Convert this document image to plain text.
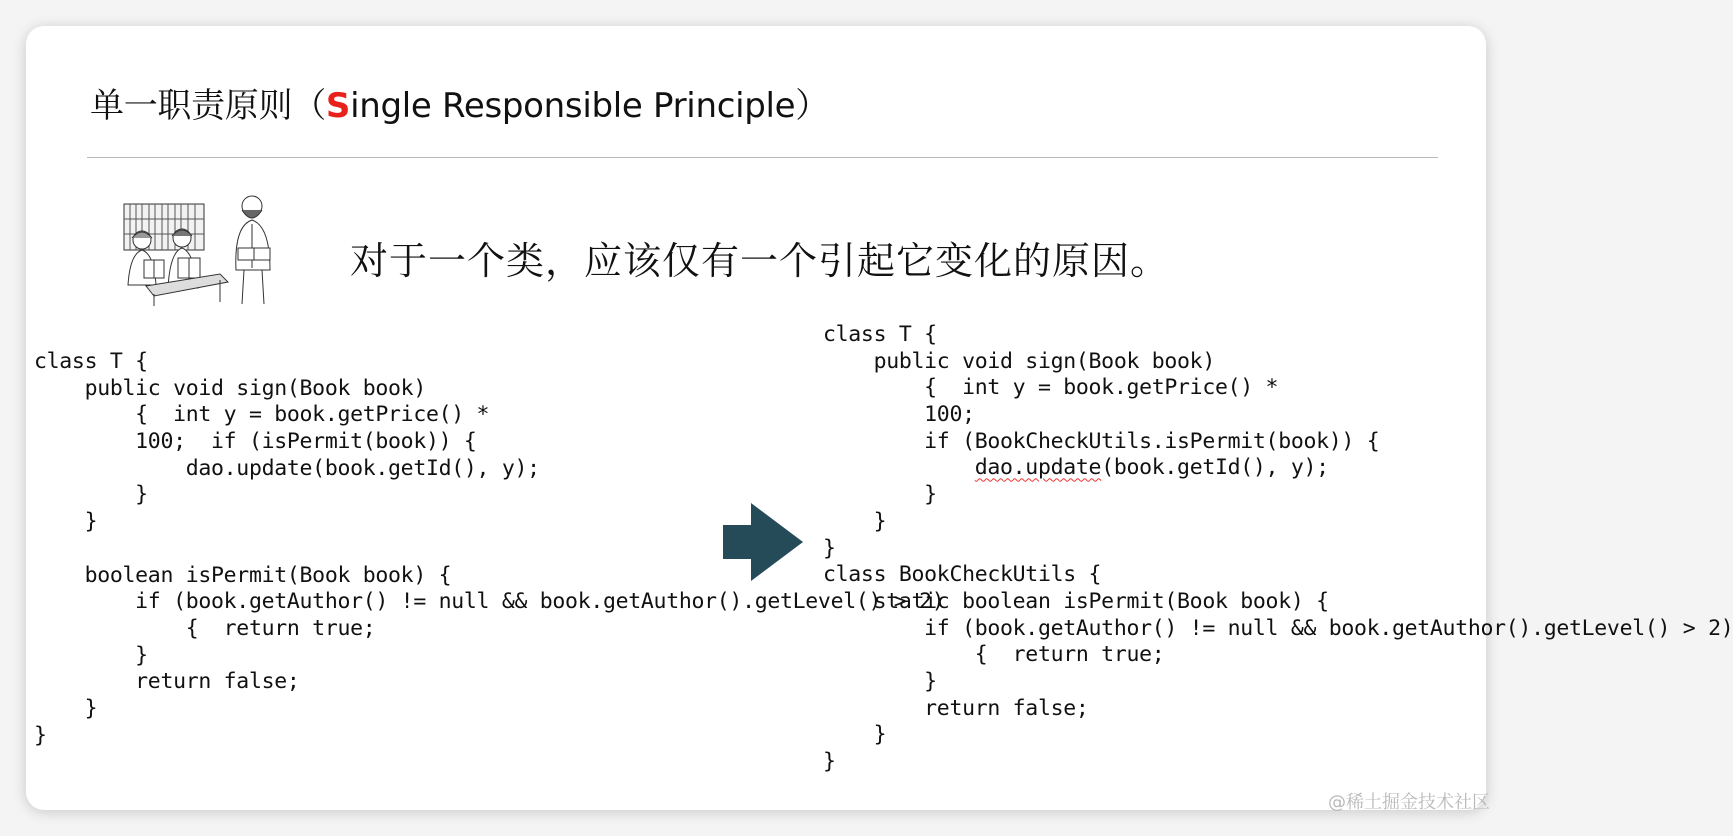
单一职责原则（Single Responsible Principle）

对于一个类，应该仅有一个引起它变化的原因。

class T {
public void sign(Book book)
{  int y = book.getPrice() *
100;  if (isPermit(book)) {
dao.update(book.getId(), y);
}
}
boolean isPermit(Book book) {
if (book.getAuthor() != null && book.getAuthor().getLevel() > 2)
{  return true;
}
return false;
}
}
class T {
public void sign(Book book)
{  int y = book.getPrice() *
100;
if (BookCheckUtils.isPermit(book)) {
dao.update(book.getId(), y);
}
}
}
class BookCheckUtils {
static boolean isPermit(Book book) {
if (book.getAuthor() != null && book.getAuthor().getLevel() > 2)
{  return true;
}
return false;
}
}
@稀土掘金技术社区
